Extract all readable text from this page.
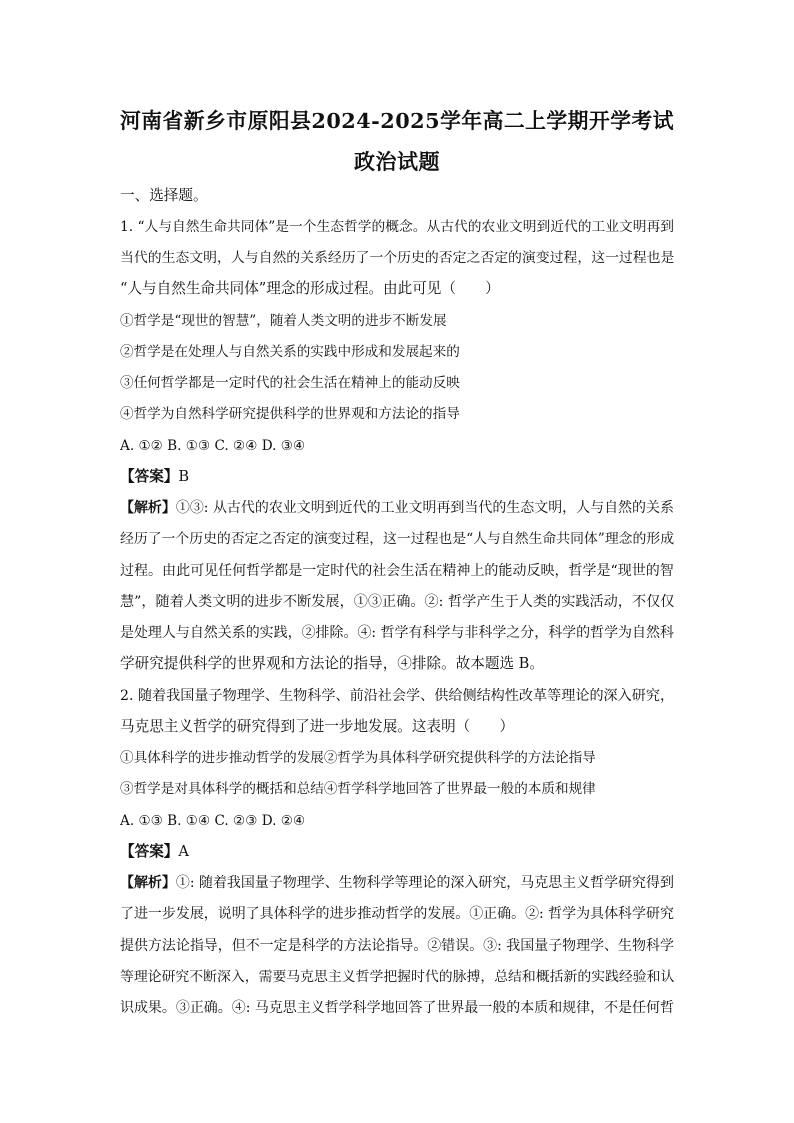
河南省新乡市原阳县2024-2025学年高二上学期开学考试
政治试题
一、选择题。
1. “人与自然生命共同体”是一个生态哲学的概念。从古代的农业文明到近代的工业文明再到
当代的生态文明，人与自然的关系经历了一个历史的否定之否定的演变过程，这一过程也是
“人与自然生命共同体”理念的形成过程。由此可见（　　）
①哲学是“现世的智慧”，随着人类文明的进步不断发展
②哲学是在处理人与自然关系的实践中形成和发展起来的
③任何哲学都是一定时代的社会生活在精神上的能动反映
④哲学为自然科学研究提供科学的世界观和方法论的指导
A. ①② B. ①③ C. ②④ D. ③④
【答案】B
【解析】①③: 从古代的农业文明到近代的工业文明再到当代的生态文明，人与自然的关系
经历了一个历史的否定之否定的演变过程，这一过程也是“人与自然生命共同体”理念的形成
过程。由此可见任何哲学都是一定时代的社会生活在精神上的能动反映，哲学是“现世的智
慧”，随着人类文明的进步不断发展，①③正确。②: 哲学产生于人类的实践活动，不仅仅
是处理人与自然关系的实践，②排除。④: 哲学有科学与非科学之分，科学的哲学为自然科
学研究提供科学的世界观和方法论的指导，④排除。故本题选 B。
2. 随着我国量子物理学、生物科学、前沿社会学、供给侧结构性改革等理论的深入研究，
马克思主义哲学的研究得到了进一步地发展。这表明（　　）
①具体科学的进步推动哲学的发展②哲学为具体科学研究提供科学的方法论指导
③哲学是对具体科学的概括和总结④哲学科学地回答了世界最一般的本质和规律
A. ①③ B. ①④ C. ②③ D. ②④
【答案】A
【解析】①: 随着我国量子物理学、生物科学等理论的深入研究，马克思主义哲学研究得到
了进一步发展，说明了具体科学的进步推动哲学的发展。①正确。②: 哲学为具体科学研究
提供方法论指导，但不一定是科学的方法论指导。②错误。③: 我国量子物理学、生物科学
等理论研究不断深入，需要马克思主义哲学把握时代的脉搏，总结和概括新的实践经验和认
识成果。③正确。④: 马克思主义哲学科学地回答了世界最一般的本质和规律，不是任何哲
